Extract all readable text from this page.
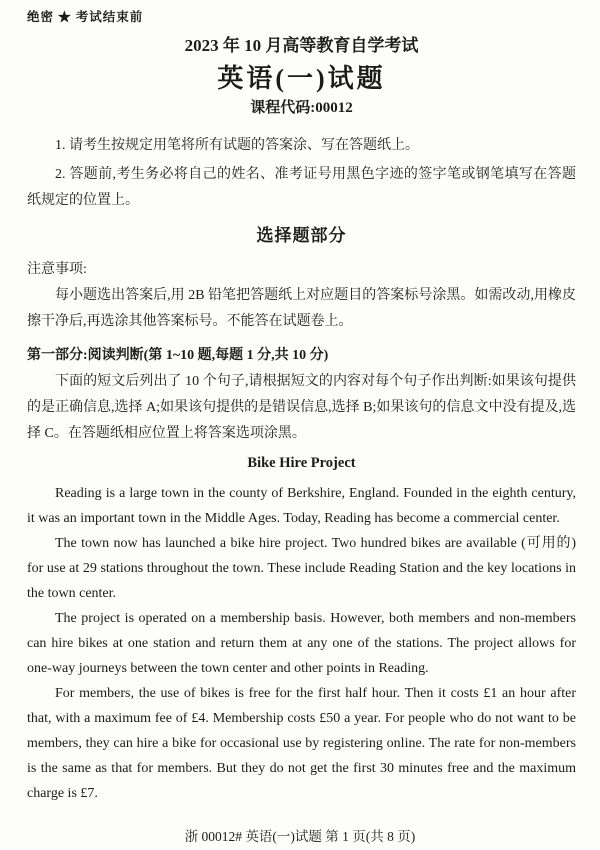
绝密 ★ 考试结束前
2023 年 10 月高等教育自学考试
英语(一)试题
课程代码:00012

1. 请考生按规定用笔将所有试题的答案涂、写在答题纸上。

2. 答题前,考生务必将自己的姓名、准考证号用黑色字迹的签字笔或钢笔填写在答题纸规定的位置上。

选择题部分
注意事项:

每小题选出答案后,用 2B 铅笔把答题纸上对应题目的答案标号涂黑。如需改动,用橡皮擦干净后,再选涂其他答案标号。不能答在试题卷上。

第一部分:阅读判断(第 1~10 题,每题 1 分,共 10 分)

下面的短文后列出了 10 个句子,请根据短文的内容对每个句子作出判断:如果该句提供的是正确信息,选择 A;如果该句提供的是错误信息,选择 B;如果该句的信息文中没有提及,选择 C。在答题纸相应位置上将答案选项涂黑。

Bike Hire Project

Reading is a large town in the county of Berkshire, England. Founded in the eighth century, it was an important town in the Middle Ages. Today, Reading has become a commercial center.

The town now has launched a bike hire project. Two hundred bikes are available (可用的) for use at 29 stations throughout the town. These include Reading Station and the key locations in the town center.

The project is operated on a membership basis. However, both members and non-members can hire bikes at one station and return them at any one of the stations. The project allows for one-way journeys between the town center and other points in Reading.

For members, the use of bikes is free for the first half hour. Then it costs £1 an hour after that, with a maximum fee of £4. Membership costs £50 a year. For people who do not want to be members, they can hire a bike for occasional use by registering online. The rate for non-members is the same as that for members. But they do not get the first 30 minutes free and the maximum charge is £7.

浙 00012# 英语(一)试题 第 1 页(共 8 页)
